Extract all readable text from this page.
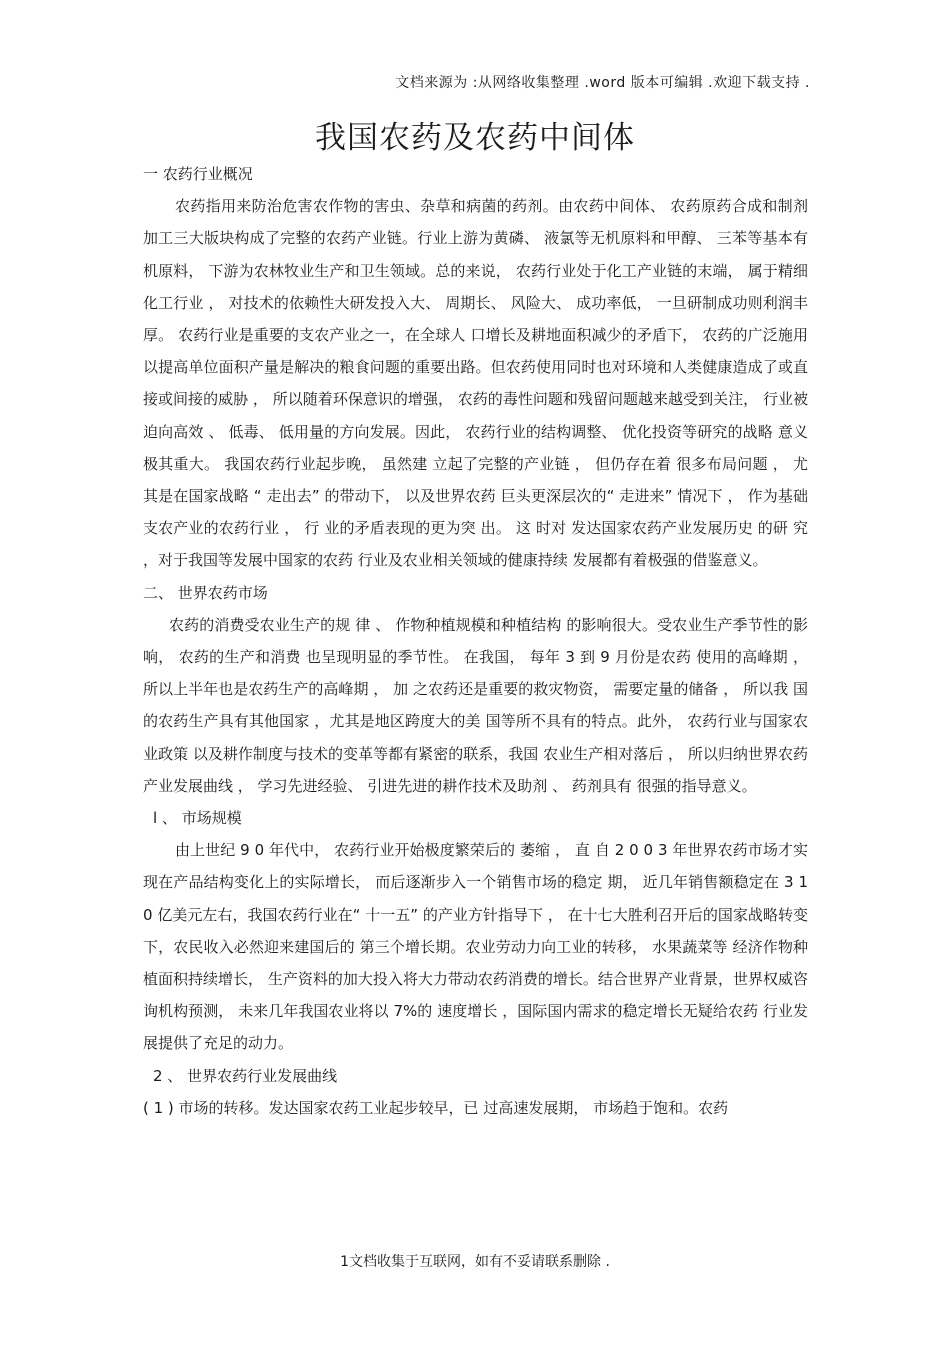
文档来源为 :从网络收集整理 .word 版本可编辑 .欢迎下载支持 .
我国农药及农药中间体

一 农药行业概况

农药指用来防治危害农作物的害虫、杂草和病菌的药剂。由农药中间体、 农药原药合成和制剂加工三大版块构成了完整的农药产业链。行业上游为黄磷、 液氯等无机原料和甲醇、 三苯等基本有机原料， 下游为农林牧业生产和卫生领域。总的来说， 农药行业处于化工产业链的末端， 属于精细化工行业 ， 对技术的依赖性大研发投入大、 周期长、 风险大、 成功率低， 一旦研制成功则利润丰厚。 农药行业是重要的支农产业之一，在全球人 口增长及耕地面积减少的矛盾下， 农药的广泛施用 以提高单位面积产量是解决的粮食问题的重要出路。但农药使用同时也对环境和人类健康造成了或直接或间接的威胁 ， 所以随着环保意识的增强， 农药的毒性问题和残留问题越来越受到关注， 行业被迫向高效 、 低毒、 低用量的方向发展。因此， 农药行业的结构调整、 优化投资等研究的战略 意义极其重大。 我国农药行业起步晚， 虽然建 立起了完整的产业链 ， 但仍存在着 很多布局问题 ， 尤其是在国家战略 “ 走出去” 的带动下， 以及世界农药 巨头更深层次的“ 走进来” 情况下 ， 作为基础支农产业的农药行业 ， 行 业的矛盾表现的更为突 出。 这 时对 发达国家农药产业发展历史 的研 究 ，对于我国等发展中国家的农药 行业及农业相关领域的健康持续 发展都有着极强的借鉴意义。

二、 世界农药市场

农药的消费受农业生产的规 律 、 作物种植规模和种植结构 的影响很大。受农业生产季节性的影响， 农药的生产和消费 也呈现明显的季节性。 在我国， 每年 3 到 9 月份是农药 使用的高峰期 ， 所以上半年也是农药生产的高峰期 ， 加 之农药还是重要的救灾物资， 需要定量的储备 ， 所以我 国的农药生产具有其他国家 ，尤其是地区跨度大的美 国等所不具有的特点。此外， 农药行业与国家农业政策 以及耕作制度与技术的变革等都有紧密的联系，我国 农业生产相对落后 ， 所以归纳世界农药产业发展曲线 ， 学习先进经验、 引进先进的耕作技术及助剂 、 药剂具有 很强的指导意义。

l 、 市场规模

由上世纪 9 0 年代中， 农药行业开始极度繁荣后的 萎缩 ， 直 自 2 0 0 3 年世界农药市场才实现在产品结构变化上的实际增长， 而后逐渐步入一个销售市场的稳定 期， 近几年销售额稳定在 3 1 0 亿美元左右，我国农药行业在“ 十一五” 的产业方针指导下 ， 在十七大胜利召开后的国家战略转变下，农民收入必然迎来建国后的 第三个增长期。农业劳动力向工业的转移， 水果蔬菜等 经济作物种植面积持续增长， 生产资料的加大投入将大力带动农药消费的增长。结合世界产业背景，世界权威咨询机构预测， 未来几年我国农业将以 7%的 速度增长 ，国际国内需求的稳定增长无疑给农药 行业发展提供了充足的动力。

2 、 世界农药行业发展曲线

( 1 ) 市场的转移。发达国家农药工业起步较早，已 过高速发展期， 市场趋于饱和。农药

1文档收集于互联网，如有不妥请联系删除 .
